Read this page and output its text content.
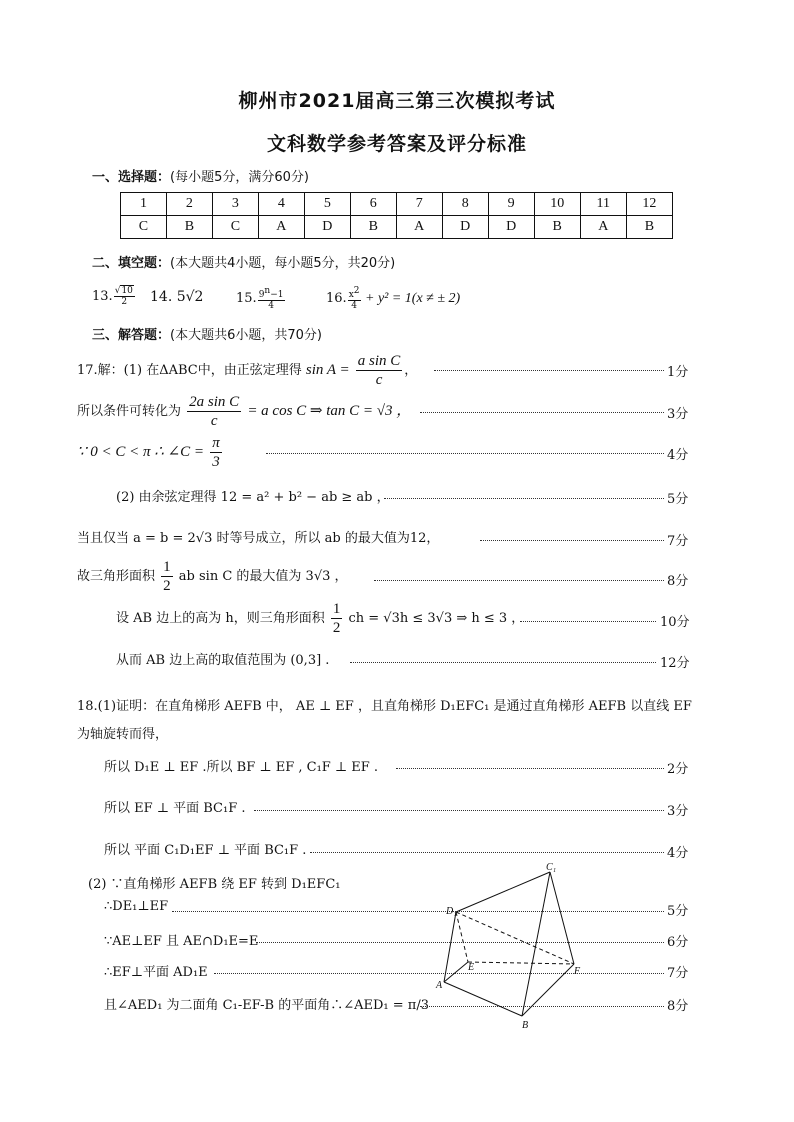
柳州市2021届高三第三次模拟考试
文科数学参考答案及评分标准
一、选择题：(每小题5分，满分60分)
1	2	3	4	5	6	7	8	9	10	11	12
C	B	C	A	D	B	A	D	D	B	A	B
二、填空题：(本大题共4小题，每小题5分，共20分)
13. $\frac{√10}{2} 14$. 5√2	15. $\frac{9^n-1}{4}$	16. $\frac{x^2}{4} + y^2 = 1(x$ ≠ ± 2)
三、解答题：(本大题共6小题，共70分)
17.解：(1) 在ΔABC中，由正弦定理得 $\sin A = \frac{\text{a sin C}}{c}$ ，	1分
所以条件可转化为 $\frac{\text{2a sin C}}{c} = a$ cos C ⇒ tan C = √3 ，	3分
∵ 0 < C < π ∴ ∠C = $\frac{\pi}{3}$	4分
(2) 由余弦定理得 12 = a² + b² − ab ≥ ab ，	5分
当且仅当 a = b = 2√3 时等号成立，所以 ab 的最大值为12，	7分
故三角形面积 $\frac{1}{2}$ ab sin C 的最大值为 3√3 ，	8分
设 AB 边上的高为 h，则三角形面积 $\frac{1}{2}$ ch = √3h ≤ 3√3 ⇒ h ≤ 3 ，	10分
从而 AB 边上高的取值范围为 (0,3] .	12分
18.(1)证明：在直角梯形 AEFB 中， AE ⊥ EF ，且直角梯形 D₁EFC₁ 是通过直角梯形 AEFB 以直线 EF
为轴旋转而得，
所以 D₁E ⊥ EF .所以 BF ⊥ EF , C₁F ⊥ EF .	2分
所以 EF ⊥ 平面 BC₁F .	3分
所以 平面 C₁D₁EF ⊥ 平面 BC₁F .	4分
(2) ∵直角梯形 AEFB 绕 EF 转到 D₁EFC₁
∴DE₁⊥EF	5分
∵AE⊥EF 且 AE∩D₁E=E	6分
∴EF⊥平面 AD₁E	7分
且∠AED₁ 为二面角 C₁-EF-B 的平面角∴∠AED₁ = π/3	8分
C₁
D₁
E	F
A
B
